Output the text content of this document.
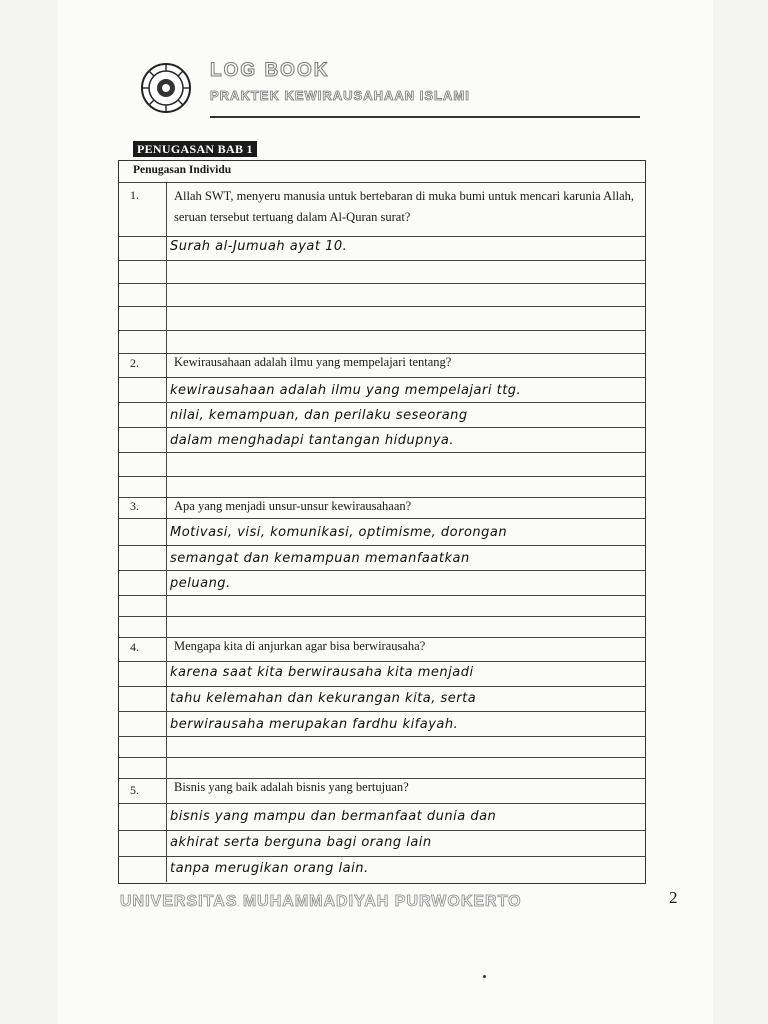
LOG BOOK
PRAKTEK KEWIRAUSAHAAN ISLAMI
PENUGASAN BAB 1
Penugasan Individu
1.	Allah SWT, menyeru manusia untuk bertebaran di muka bumi untuk mencari karunia Allah, seruan tersebut tertuang dalam Al-Quran surat?
Surah al-Jumuah ayat 10.
2.	Kewirausahaan adalah ilmu yang mempelajari tentang?
kewirausahaan adalah ilmu yang mempelajari ttg.
nilai, kemampuan, dan perilaku seseorang
dalam menghadapi tantangan hidupnya.
3.	Apa yang menjadi unsur-unsur kewirausahaan?
Motivasi, visi, komunikasi, optimisme, dorongan
semangat dan kemampuan memanfaatkan
peluang.
4.	Mengapa kita di anjurkan agar bisa berwirausaha?
karena saat kita berwirausaha kita menjadi
tahu kelemahan dan kekurangan kita, serta
berwirausaha merupakan fardhu kifayah.
5.	Bisnis yang baik adalah bisnis yang bertujuan?
bisnis yang mampu dan bermanfaat dunia dan
akhirat serta berguna bagi orang lain
tanpa merugikan orang lain.
UNIVERSITAS MUHAMMADIYAH PURWOKERTO	2
